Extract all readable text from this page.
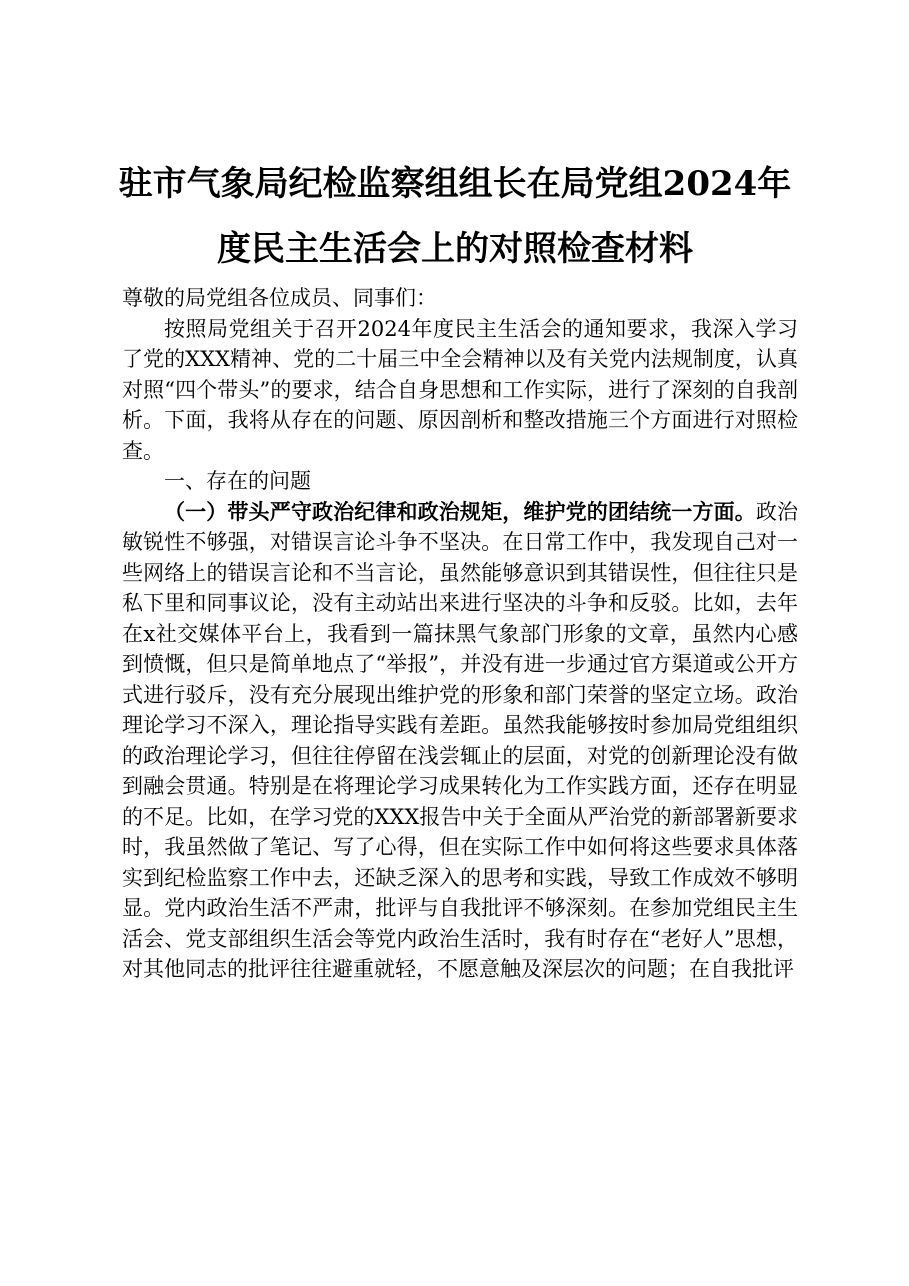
驻市气象局纪检监察组组长在局党组2024年
度民主生活会上的对照检查材料

尊敬的局党组各位成员、同事们：

按照局党组关于召开2024年度民主生活会的通知要求，我深入学习了党的XXX精神、党的二十届三中全会精神以及有关党内法规制度，认真对照“四个带头”的要求，结合自身思想和工作实际，进行了深刻的自我剖析。下面，我将从存在的问题、原因剖析和整改措施三个方面进行对照检查。

一、存在的问题

（一）带头严守政治纪律和政治规矩，维护党的团结统一方面。政治敏锐性不够强，对错误言论斗争不坚决。在日常工作中，我发现自己对一些网络上的错误言论和不当言论，虽然能够意识到其错误性，但往往只是私下里和同事议论，没有主动站出来进行坚决的斗争和反驳。比如，去年在x社交媒体平台上，我看到一篇抹黑气象部门形象的文章，虽然内心感到愤慨，但只是简单地点了“举报”，并没有进一步通过官方渠道或公开方式进行驳斥，没有充分展现出维护党的形象和部门荣誉的坚定立场。政治理论学习不深入，理论指导实践有差距。虽然我能够按时参加局党组组织的政治理论学习，但往往停留在浅尝辄止的层面，对党的创新理论没有做到融会贯通。特别是在将理论学习成果转化为工作实践方面，还存在明显的不足。比如，在学习党的XXX报告中关于全面从严治党的新部署新要求时，我虽然做了笔记、写了心得，但在实际工作中如何将这些要求具体落实到纪检监察工作中去，还缺乏深入的思考和实践，导致工作成效不够明显。党内政治生活不严肃，批评与自我批评不够深刻。在参加党组民主生活会、党支部组织生活会等党内政治生活时，我有时存在“老好人”思想，对其他同志的批评往往避重就轻，不愿意触及深层次的问题；在自我批评
